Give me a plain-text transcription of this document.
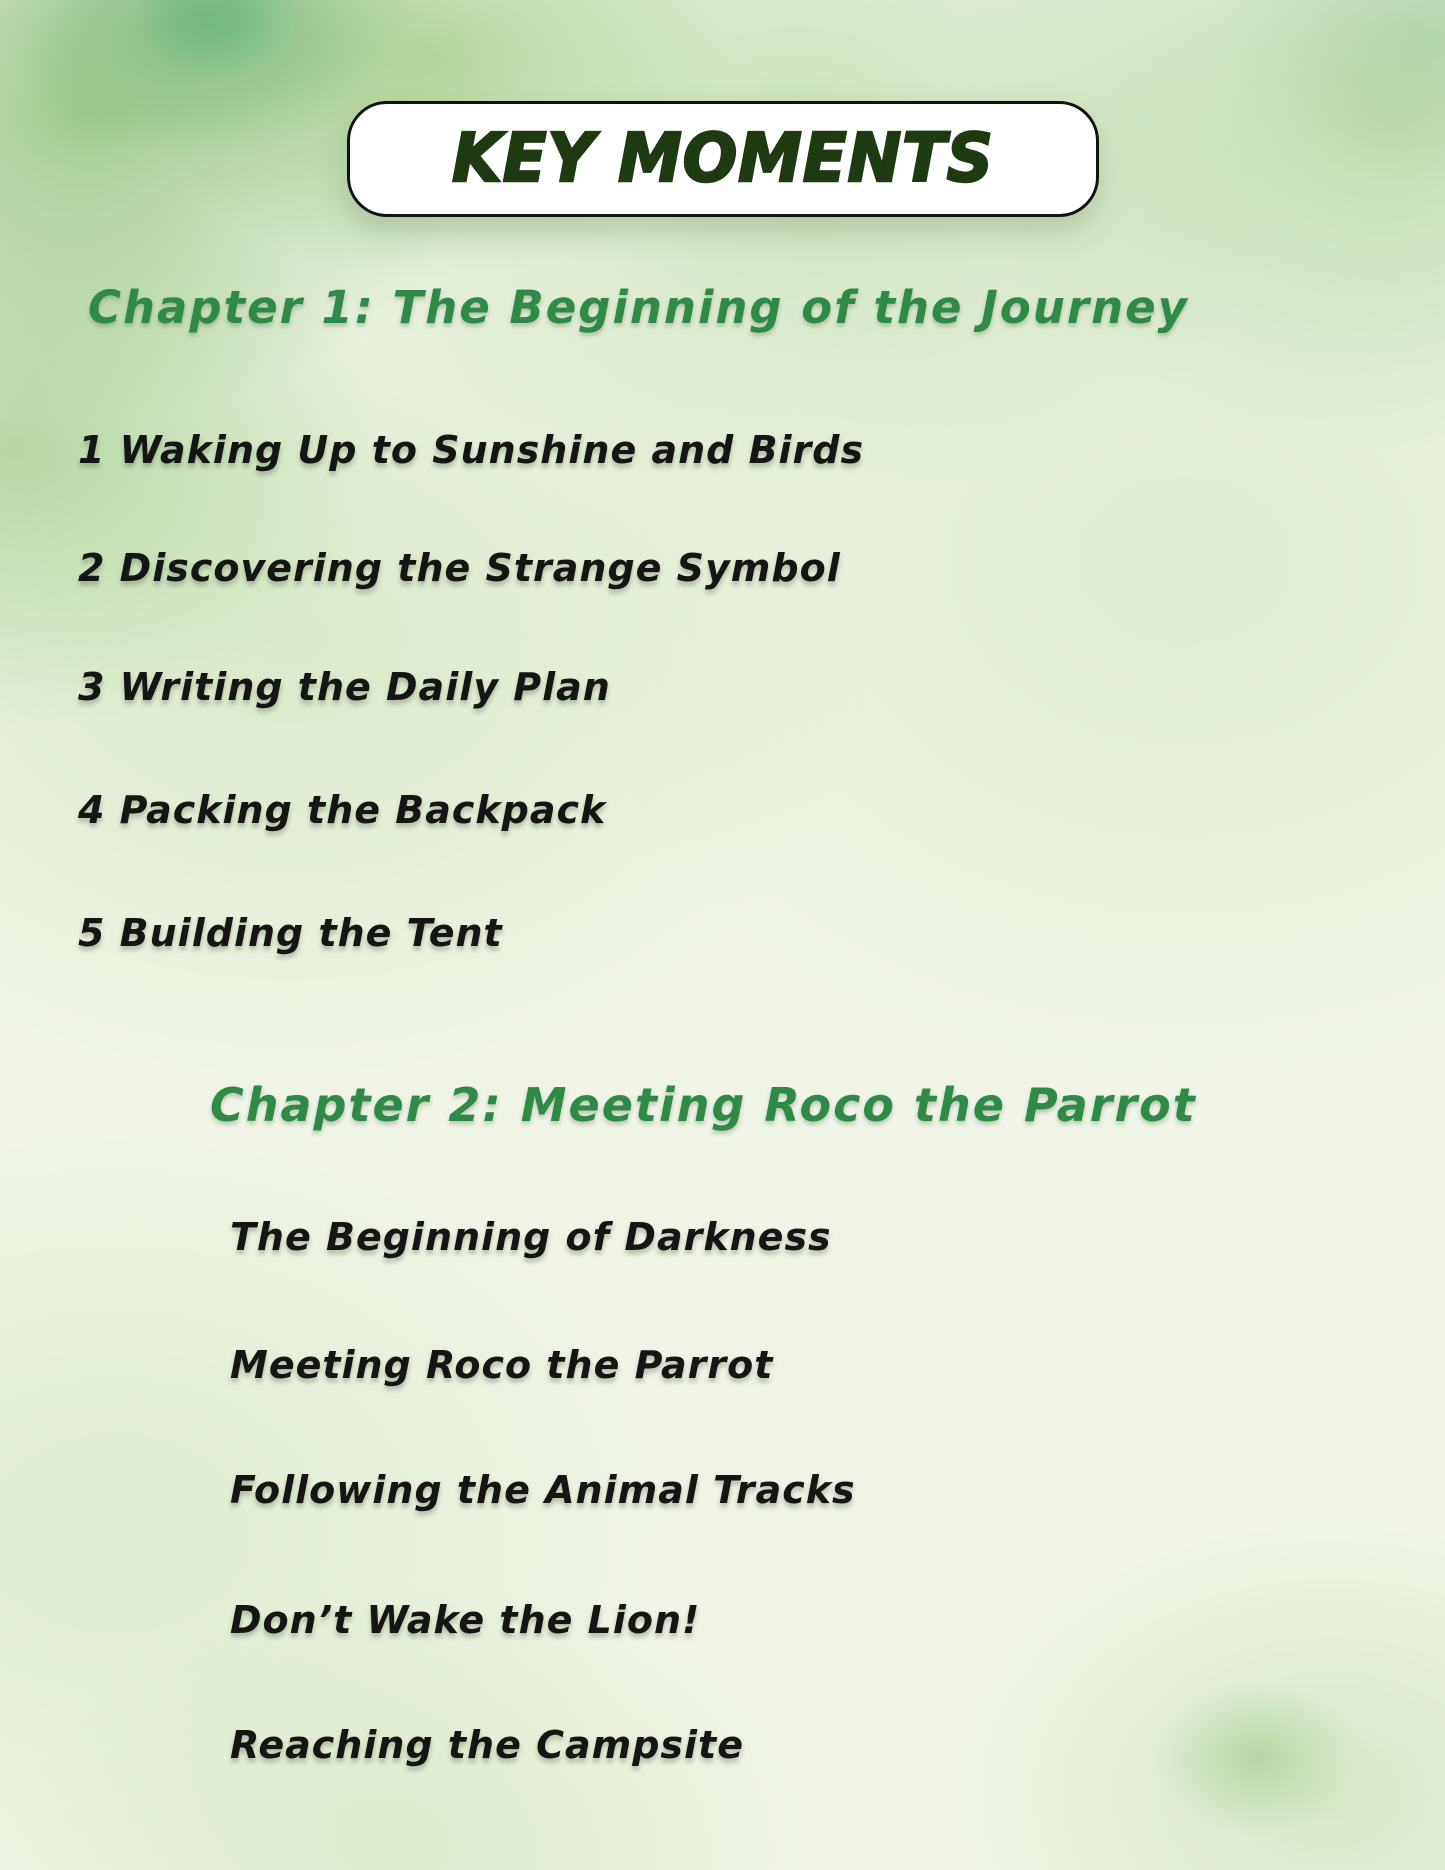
KEY MOMENTS
Chapter 1: The Beginning of the Journey
1 Waking Up to Sunshine and Birds
2 Discovering the Strange Symbol
3 Writing the Daily Plan
4 Packing the Backpack
5 Building the Tent
Chapter 2: Meeting Roco the Parrot
The Beginning of Darkness
Meeting Roco the Parrot
Following the Animal Tracks
Don’t Wake the Lion!
Reaching the Campsite
